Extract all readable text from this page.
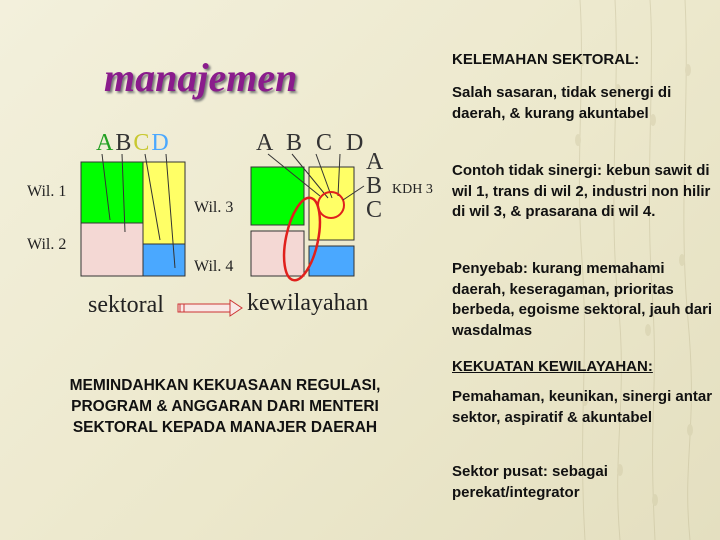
manajemen
ABCD	A B C D
Wil. 1
Wil. 2
Wil. 3
Wil. 4
A
B
C
KDH 3
sektoral	kewilayahan
MEMINDAHKAN KEKUASAAN REGULASI, PROGRAM & ANGGARAN DARI MENTERI SEKTORAL KEPADA MANAJER DAERAH
KELEMAHAN SEKTORAL:
Salah sasaran, tidak senergi di daerah, & kurang akuntabel
Contoh tidak sinergi: kebun sawit di wil 1, trans di wil 2, industri non hilir di wil 3, & prasarana di wil 4.
Penyebab: kurang memahami daerah, keseragaman, prioritas berbeda, egoisme sektoral, jauh dari wasdalmas
KEKUATAN KEWILAYAHAN:
Pemahaman, keunikan, sinergi antar sektor, aspiratif & akuntabel
Sektor pusat: sebagai perekat/integrator
